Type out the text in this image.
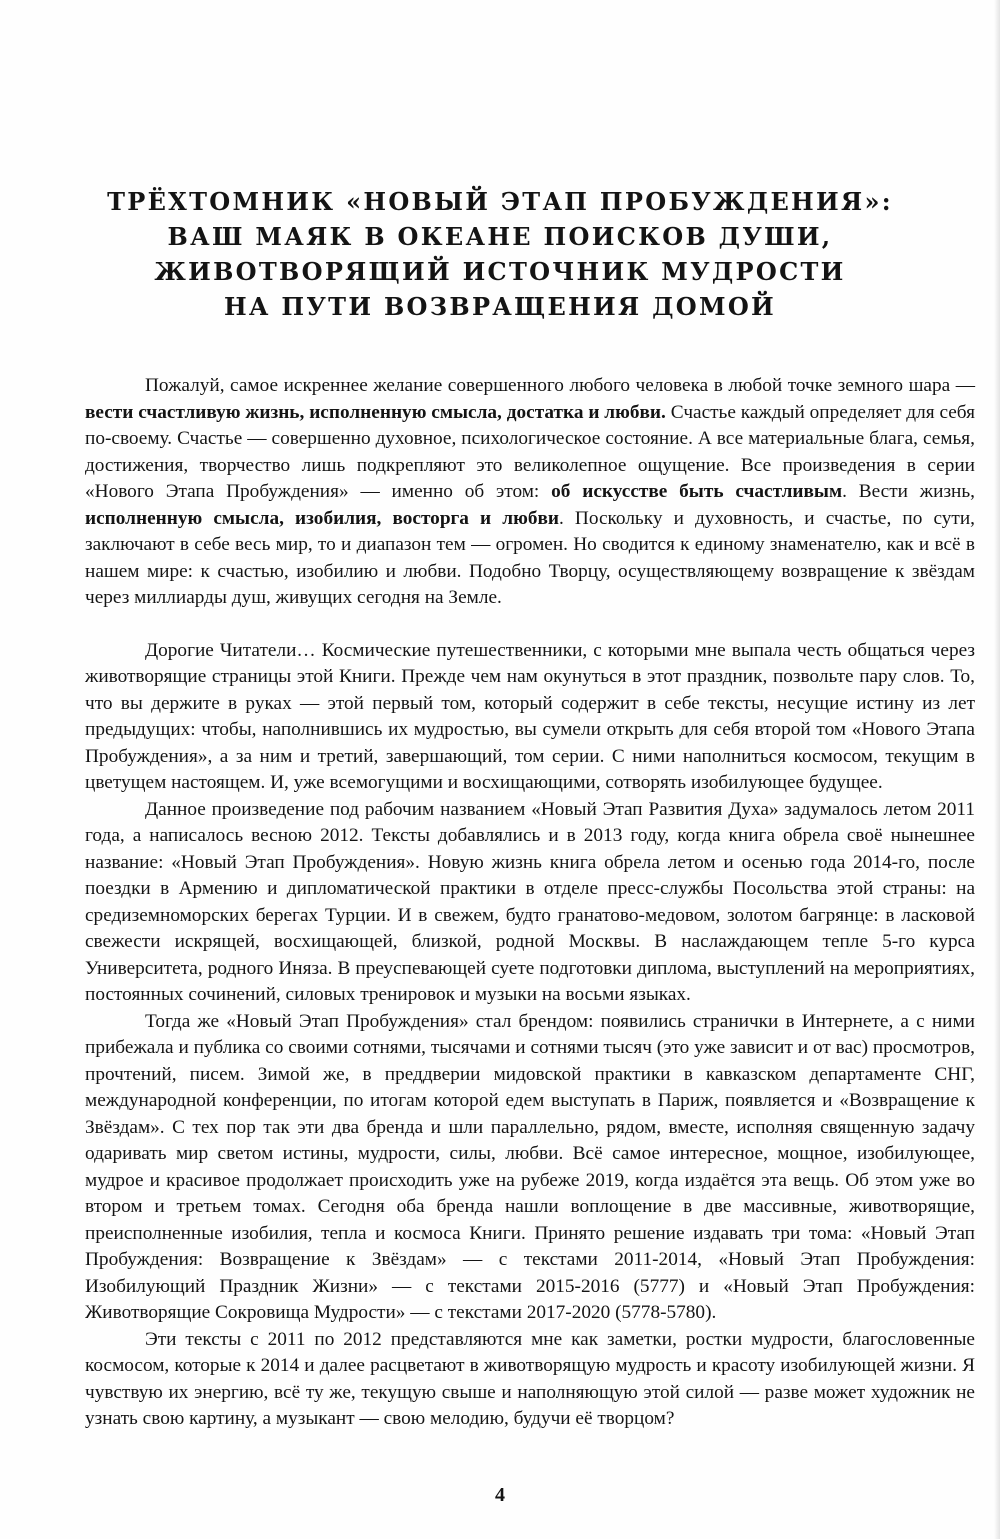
ТРЁХТОМНИК «НОВЫЙ ЭТАП ПРОБУЖДЕНИЯ»:
ВАШ МАЯК В ОКЕАНЕ ПОИСКОВ ДУШИ,
ЖИВОТВОРЯЩИЙ ИСТОЧНИК МУДРОСТИ
НА ПУТИ ВОЗВРАЩЕНИЯ ДОМОЙ

Пожалуй, самое искреннее желание совершенного любого человека в любой точке земного шара — вести счастливую жизнь, исполненную смысла, достатка и любви. Счастье каждый определяет для себя по-своему. Счастье — совершенно духовное, психологическое состояние. А все материальные блага, семья, достижения, творчество лишь подкрепляют это великолепное ощущение. Все произведения в серии «Нового Этапа Пробуждения» — именно об этом: об искусстве быть счастливым. Вести жизнь, исполненную смысла, изобилия, восторга и любви. Поскольку и духовность, и счастье, по сути, заключают в себе весь мир, то и диапазон тем — огромен. Но сводится к единому знаменателю, как и всё в нашем мире: к счастью, изобилию и любви. Подобно Творцу, осуществляющему возвращение к звёздам через миллиарды душ, живущих сегодня на Земле.

Дорогие Читатели… Космические путешественники, с которыми мне выпала честь общаться через животворящие страницы этой Книги. Прежде чем нам окунуться в этот праздник, позвольте пару слов. То, что вы держите в руках — этой первый том, который содержит в себе тексты, несущие истину из лет предыдущих: чтобы, наполнившись их мудростью, вы сумели открыть для себя второй том «Нового Этапа Пробуждения», а за ним и третий, завершающий, том серии. С ними наполниться космосом, текущим в цветущем настоящем. И, уже всемогущими и восхищающими, сотворять изобилующее будущее.

Данное произведение под рабочим названием «Новый Этап Развития Духа» задумалось летом 2011 года, а написалось весною 2012. Тексты добавлялись и в 2013 году, когда книга обрела своё нынешнее название: «Новый Этап Пробуждения». Новую жизнь книга обрела летом и осенью года 2014-го, после поездки в Армению и дипломатической практики в отделе пресс-службы Посольства этой страны: на средиземноморских берегах Турции. И в свежем, будто гранатово-медовом, золотом багрянце: в ласковой свежести искрящей, восхищающей, близкой, родной Москвы. В наслаждающем тепле 5-го курса Университета, родного Иняза. В преуспевающей суете подготовки диплома, выступлений на мероприятиях, постоянных сочинений, силовых тренировок и музыки на восьми языках.

Тогда же «Новый Этап Пробуждения» стал брендом: появились странички в Интернете, а с ними прибежала и публика со своими сотнями, тысячами и сотнями тысяч (это уже зависит и от вас) просмотров, прочтений, писем. Зимой же, в преддверии мидовской практики в кавказском департаменте СНГ, международной конференции, по итогам которой едем выступать в Париж, появляется и «Возвращение к Звёздам». С тех пор так эти два бренда и шли параллельно, рядом, вместе, исполняя священную задачу одаривать мир светом истины, мудрости, силы, любви. Всё самое интересное, мощное, изобилующее, мудрое и красивое продолжает происходить уже на рубеже 2019, когда издаётся эта вещь. Об этом уже во втором и третьем томах. Сегодня оба бренда нашли воплощение в две массивные, животворящие, преисполненные изобилия, тепла и космоса Книги. Принято решение издавать три тома: «Новый Этап Пробуждения: Возвращение к Звёздам» — с текстами 2011-2014, «Новый Этап Пробуждения: Изобилующий Праздник Жизни» — с текстами 2015-2016 (5777) и «Новый Этап Пробуждения: Животворящие Сокровища Мудрости» — с текстами 2017-2020 (5778-5780).

Эти тексты с 2011 по 2012 представляются мне как заметки, ростки мудрости, благословенные космосом, которые к 2014 и далее расцветают в животворящую мудрость и красоту изобилующей жизни. Я чувствую их энергию, всё ту же, текущую свыше и наполняющую этой силой — разве может художник не узнать свою картину, а музыкант — свою мелодию, будучи её творцом?

4
